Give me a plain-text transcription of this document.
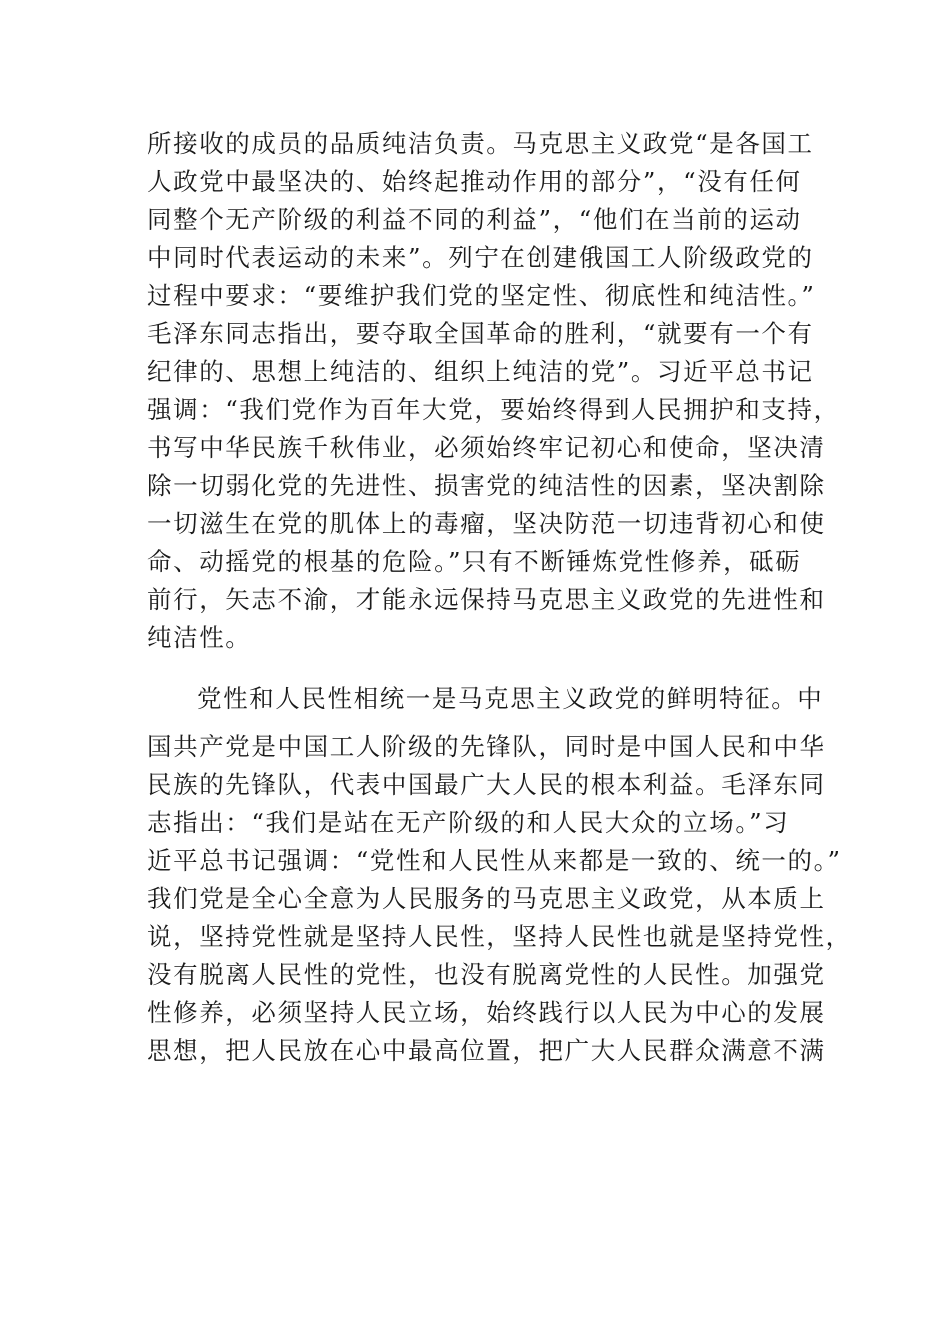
所接收的成员的品质纯洁负责。马克思主义政党“是各国工
人政党中最坚决的、始终起推动作用的部分”，“没有任何
同整个无产阶级的利益不同的利益”，“他们在当前的运动
中同时代表运动的未来”。列宁在创建俄国工人阶级政党的
过程中要求：“要维护我们党的坚定性、彻底性和纯洁性。”
毛泽东同志指出，要夺取全国革命的胜利，“就要有一个有
纪律的、思想上纯洁的、组织上纯洁的党”。习近平总书记
强调：“我们党作为百年大党，要始终得到人民拥护和支持，
书写中华民族千秋伟业，必须始终牢记初心和使命，坚决清
除一切弱化党的先进性、损害党的纯洁性的因素，坚决割除
一切滋生在党的肌体上的毒瘤，坚决防范一切违背初心和使
命、动摇党的根基的危险。”只有不断锤炼党性修养，砥砺
前行，矢志不渝，才能永远保持马克思主义政党的先进性和
纯洁性。
党性和人民性相统一是马克思主义政党的鲜明特征。中
国共产党是中国工人阶级的先锋队，同时是中国人民和中华
民族的先锋队，代表中国最广大人民的根本利益。毛泽东同
志指出：“我们是站在无产阶级的和人民大众的立场。”习
近平总书记强调：“党性和人民性从来都是一致的、统一的。”
我们党是全心全意为人民服务的马克思主义政党，从本质上
说，坚持党性就是坚持人民性，坚持人民性也就是坚持党性，
没有脱离人民性的党性，也没有脱离党性的人民性。加强党
性修养，必须坚持人民立场，始终践行以人民为中心的发展
思想，把人民放在心中最高位置，把广大人民群众满意不满
